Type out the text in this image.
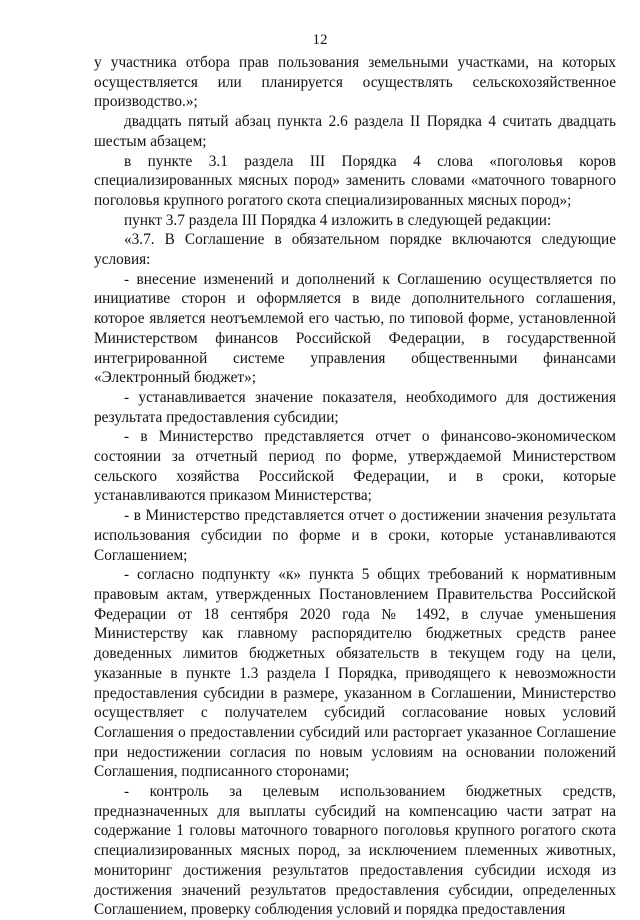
12

у участника отбора прав пользования земельными участками, на которых осуществляется или планируется осуществлять сельскохозяйственное производство.»;

двадцать пятый абзац пункта 2.6 раздела II Порядка 4 считать двадцать шестым абзацем;

в пункте 3.1 раздела III Порядка 4 слова «поголовья коров специализированных мясных пород» заменить словами «маточного товарного поголовья крупного рогатого скота специализированных мясных пород»;

пункт 3.7 раздела III Порядка 4 изложить в следующей редакции:

«3.7. В Соглашение в обязательном порядке включаются следующие условия:

- внесение изменений и дополнений к Соглашению осуществляется по инициативе сторон и оформляется в виде дополнительного соглашения, которое является неотъемлемой его частью, по типовой форме, установленной Министерством финансов Российской Федерации, в государственной интегрированной системе управления общественными финансами «Электронный бюджет»;

- устанавливается значение показателя, необходимого для достижения результата предоставления субсидии;

- в Министерство представляется отчет о финансово-экономическом состоянии за отчетный период по форме, утверждаемой Министерством сельского хозяйства Российской Федерации, и в сроки, которые устанавливаются приказом Министерства;

- в Министерство представляется отчет о достижении значения результата использования субсидии по форме и в сроки, которые устанавливаются Соглашением;

- согласно подпункту «к» пункта 5 общих требований к нормативным правовым актам, утвержденных Постановлением Правительства Российской Федерации от 18 сентября 2020 года № 1492, в случае уменьшения Министерству как главному распорядителю бюджетных средств ранее доведенных лимитов бюджетных обязательств в текущем году на цели, указанные в пункте 1.3 раздела I Порядка, приводящего к невозможности предоставления субсидии в размере, указанном в Соглашении, Министерство осуществляет с получателем субсидий согласование новых условий Соглашения о предоставлении субсидий или расторгает указанное Соглашение при недостижении согласия по новым условиям на основании положений Соглашения, подписанного сторонами;

- контроль за целевым использованием бюджетных средств, предназначенных для выплаты субсидий на компенсацию части затрат на содержание 1 головы маточного товарного поголовья крупного рогатого скота специализированных мясных пород, за исключением племенных животных, мониторинг достижения результатов предоставления субсидии исходя из достижения значений результатов предоставления субсидии, определенных Соглашением, проверку соблюдения условий и порядка предоставления
